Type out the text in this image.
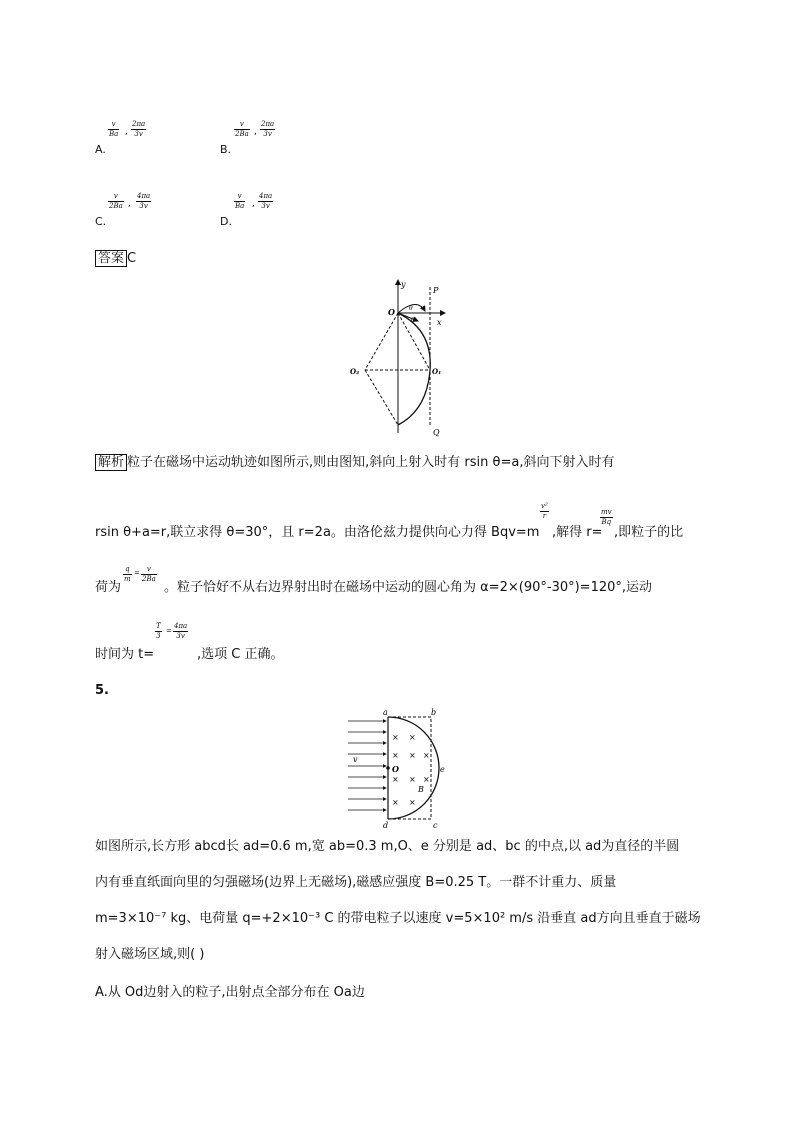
$\frac{v}{Ba}$ , $\frac{2\pi a}{3v}$
A.
$\frac{v}{2Ba}$ , $\frac{2\pi a}{3v}$
B.
$\frac{v}{2Ba}$ , $\frac{4\pi a}{3v}$
C.
$\frac{v}{Ba}$ , $\frac{4\pi a}{3v}$
D.
答案 C
y
x
P
Q
O
O₁
O₂
θ
θ
解析 粒子在磁场中运动轨迹如图所示,则由图知,斜向上射入时有 rsin θ=a,斜向下射入时有
rsin θ+a=r,联立求得 θ=30°，且 r=2a。由洛伦兹力提供向心力得 Bqv=m
$\frac{\text{v²}}{r}$
,解得 r=
$\frac{mv}{Bq}$
,即粒子的比
荷为
$\frac{q}{m} = \frac{v}{2Ba}$
。粒子恰好不从右边界射出时在磁场中运动的圆心角为 α=2×(90°-30°)=120°,运动
$\frac{T}{3} = \frac{4\pi a}{3v}$
时间为 t=	,选项 C 正确。
5.
× ×
× × ×
× × ×
× ×
a	b
c
d
e
O
B
v
如图所示,长方形 abcd长 ad=0.6 m,宽 ab=0.3 m,O、e 分别是 ad、bc 的中点,以 ad为直径的半圆
内有垂直纸面向里的匀强磁场(边界上无磁场),磁感应强度 B=0.25 T。一群不计重力、质量
m=3×10⁻⁷ kg、电荷量 q=+2×10⁻³ C 的带电粒子以速度 v=5×10² m/s 沿垂直 ad方向且垂直于磁场
射入磁场区域,则( )
A.从 Od边射入的粒子,出射点全部分布在 Oa边
